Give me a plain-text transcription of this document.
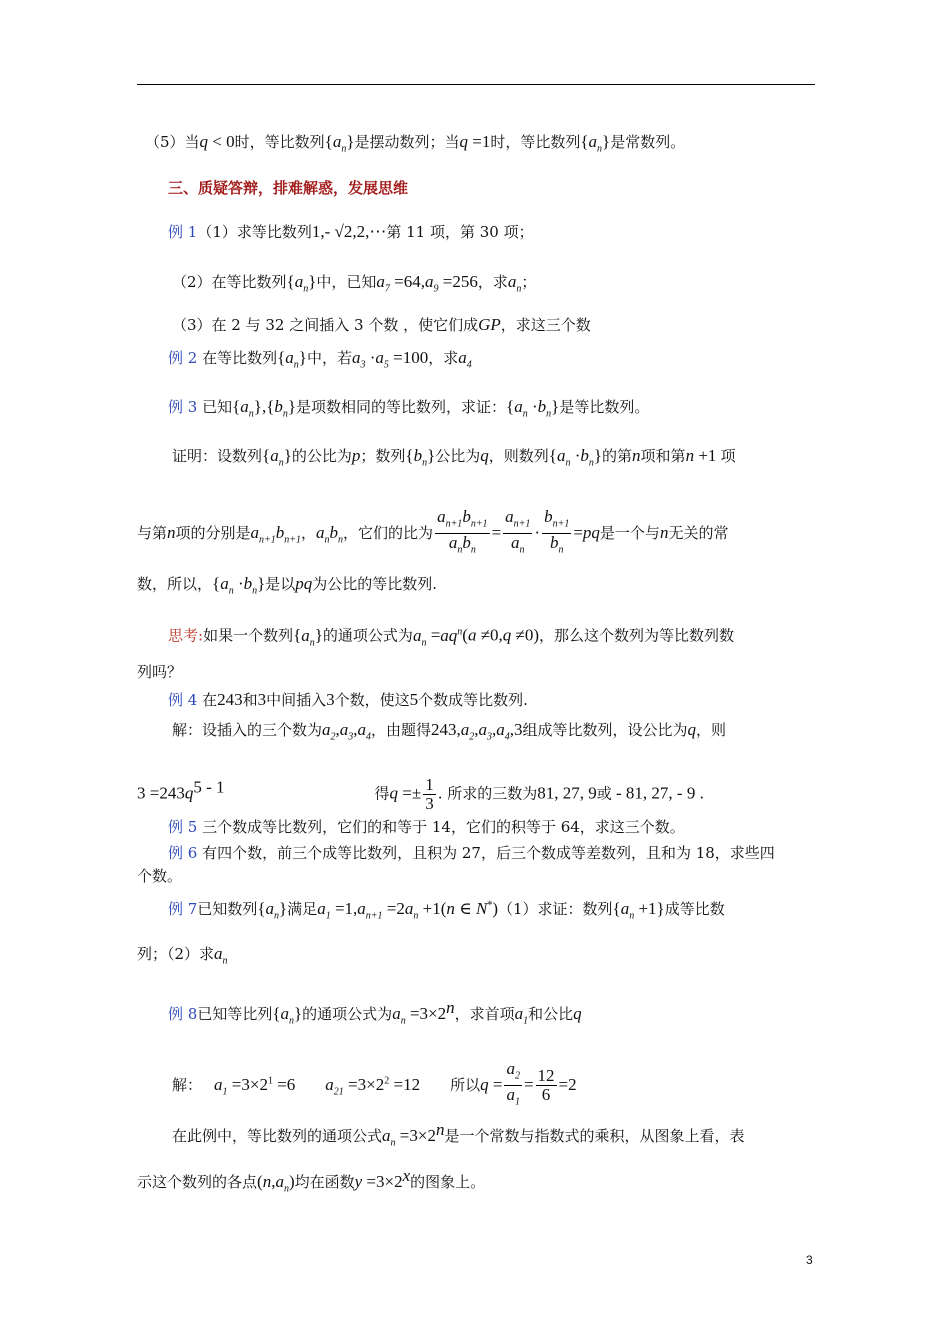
（5）当q < 0时，等比数列$\{a_n\}$是摆动数列；当q =1时，等比数列$\{a_n\}$是常数列。
三、质疑答辩，排难解惑，发展思维
例 1（1）求等比数列1,- √2,2,⋯第 11 项，第 30 项；
（2）在等比数列$\{a_n\}$中，已知$a_7 =64,a_9 =256$，求$a_n$；
（3）在 2 与 32 之间插入 3 个数 ，使它们成GP，求这三个数
例 2 在等比数列$\{a_n\}$中，若$a_3 \cdot a_5 =100$，求$a_4$
例 3 已知$\{a_n\},\{b_n\}$是项数相同的等比数列，求证：$\{a_n \cdot b_n\}$是等比数列。
证明：设数列$\{a_n\}$的公比为p；数列$\{b_n\}$公比为q，则数列$\{a_n \cdot b_n\}$的第n项和第n +1 项
与第n项的分别是$a_{n+1}b_{n+1}$，$a_nb_n$，它们的比为 $\frac{a_{n+1}b_{n+1}}{a_nb_n} = \frac{a_{n+1}}{a_n} \cdot \frac{b_{n+1}}{b_n} =pq$是一个与n无关的常
数，所以，$\{a_n \cdot b_n\}$是以pq为公比的等比数列.
思考:如果一个数列$\{a_n\}$的通项公式为$a_n =aq^n(a \ne 0,q \ne 0)$，那么这个数列为等比数列数
列吗？
例 4 在243和3中间插入3个数，使这5个数成等比数列.
解：设插入的三个数为$a_2,a_3,a_4$，由题得$243,a_2,a_3,a_4,3$组成等比数列，设公比为q，则
$3 =243q^{5 - 1}$	得$q =\pm \frac{1}{3}$ . 所求的三数为81, 27, 9或 - 81, 27, - 9 .
例 5 三个数成等比数列，它们的和等于 14，它们的积等于 64，求这三个数。
例 6 有四个数，前三个成等比数列，且积为 27，后三个数成等差数列，且和为 18，求些四
个数。
例 7已知数列$\{a_n\}$满足$a_1 =1,a_{n+1} =2a_n +1(n$ ∈ N*)（1）求证：数列$\{a_n +1\}$成等比数
列；（2）求$a_n$
例 8已知等比列$\{a_n\}$的通项公式为$a_n =3\times 2^n$，求首项$a_1$和公比q
解： $a_1 =3\times 2^1 =6$ $a_{21} =3\times 2^2 =12$ 所以$q = \frac{a_2}{a_1} = \frac{12}{6} =2$
在此例中，等比数列的通项公式$a_n =3\times 2^n$是一个常数与指数式的乘积，从图象上看，表
示这个数列的各点$(n,a_n)$均在函数$y =3\times 2^x$的图象上。
3
